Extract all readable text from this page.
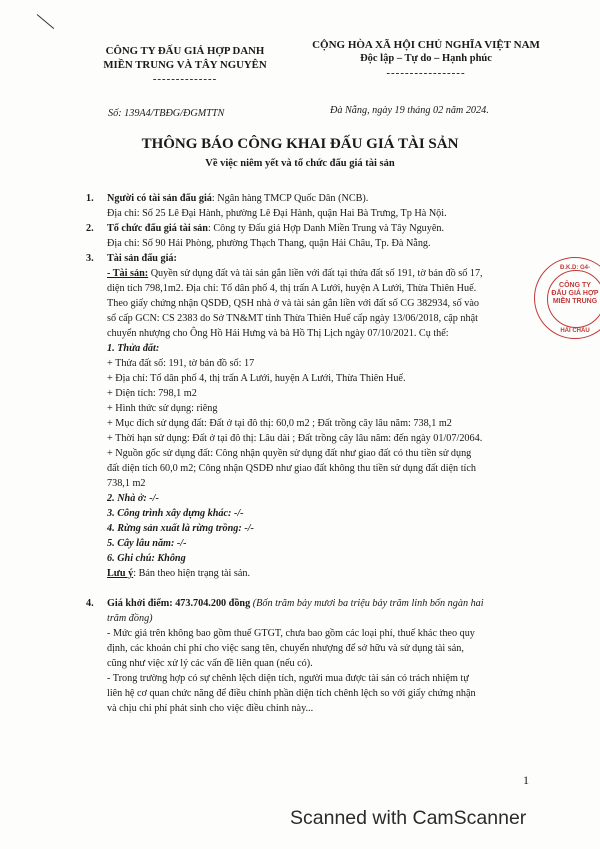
CÔNG TY ĐẤU GIÁ HỢP DANH
MIỀN TRUNG VÀ TÂY NGUYÊN
--------------
CỘNG HÒA XÃ HỘI CHỦ NGHĨA VIỆT NAM
Độc lập – Tự do – Hạnh phúc
-----------------
Số: 139A4/TBĐG/ĐGMTTN	Đà Nẵng, ngày 19 tháng 02 năm 2024.
THÔNG BÁO CÔNG KHAI ĐẤU GIÁ TÀI SẢN
Về việc niêm yết và tổ chức đấu giá tài sản
1. Người có tài sản đấu giá: Ngân hàng TMCP Quốc Dân (NCB).
Địa chỉ: Số 25 Lê Đại Hành, phường Lê Đại Hành, quận Hai Bà Trưng, Tp Hà Nội.
2. Tổ chức đấu giá tài sản: Công ty Đấu giá Hợp Danh Miền Trung và Tây Nguyên.
Địa chỉ: Số 90 Hải Phòng, phường Thạch Thang, quận Hải Châu, Tp. Đà Nẵng.
3. Tài sản đấu giá:
- Tài sản: Quyền sử dụng đất và tài sản gắn liền với đất tại thửa đất số 191, tờ bản đồ số 17,
diện tích 798,1m2. Địa chỉ: Tổ dân phố 4, thị trấn A Lưới, huyện A Lưới, Thừa Thiên Huế.
Theo giấy chứng nhận QSDĐ, QSH nhà ở và tài sản gắn liền với đất số CG 382934, số vào
sổ cấp GCN: CS 2383 do Sở TN&MT tỉnh Thừa Thiên Huế cấp ngày 13/06/2018, cập nhật
chuyển nhượng cho Ông Hồ Hải Hưng và bà Hồ Thị Lịch ngày 07/10/2021. Cụ thể:
1. Thửa đất:
+ Thửa đất số: 191, tờ bản đồ số: 17
+ Địa chỉ: Tổ dân phố 4, thị trấn A Lưới, huyện A Lưới, Thừa Thiên Huế.
+ Diện tích: 798,1 m2
+ Hình thức sử dụng: riêng
+ Mục đích sử dụng đất: Đất ở tại đô thị: 60,0 m2 ; Đất trồng cây lâu năm: 738,1 m2
+ Thời hạn sử dụng: Đất ở tại đô thị: Lâu dài ; Đất trồng cây lâu năm: đến ngày 01/07/2064.
+ Nguồn gốc sử dụng đất: Công nhận quyền sử dụng đất như giao đất có thu tiền sử dụng
đất diện tích 60,0 m2; Công nhận QSDĐ như giao đất không thu tiền sử dụng đất diện tích
738,1 m2
2. Nhà ở: -/-
3. Công trình xây dựng khác: -/-
4. Rừng sản xuất là rừng trồng: -/-
5. Cây lâu năm: -/-
6. Ghi chú: Không
Lưu ý: Bán theo hiện trạng tài sản.
4. Giá khởi điểm: 473.704.200 đồng (Bốn trăm bảy mươi ba triệu bảy trăm linh bốn ngàn hai
trăm đồng)
- Mức giá trên không bao gồm thuế GTGT, chưa bao gồm các loại phí, thuế khác theo quy
định, các khoản chi phí cho việc sang tên, chuyển nhượng để sở hữu và sử dụng tài sản,
cũng như việc xử lý các vấn đề liên quan (nếu có).
- Trong trường hợp có sự chênh lệch diện tích, người mua được tài sản có trách nhiệm tự
liên hệ cơ quan chức năng để điều chỉnh phần diện tích chênh lệch so với giấy chứng nhận
và chịu chi phí phát sinh cho việc điều chỉnh này...
Đ.K.D: G4-
CÔNG TY
ĐẤU GIÁ HỢP
MIỀN TRUNG
HẢI CHÂU
1
Scanned with CamScanner
